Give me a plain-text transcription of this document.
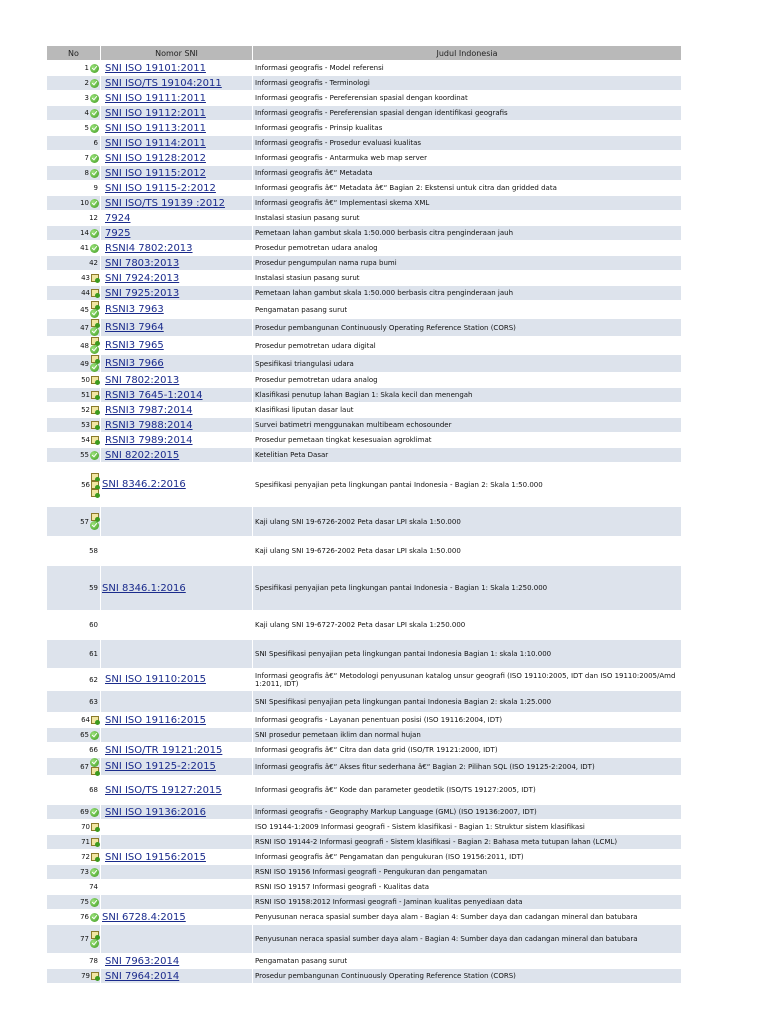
No	Nomor SNI	Judul Indonesia
1	SNI ISO 19101:2011	Informasi geografis - Model referensi
2	SNI ISO/TS 19104:2011	Informasi geografis - Terminologi
3	SNI ISO 19111:2011	Informasi geografis - Pereferensian spasial dengan koordinat
4	SNI ISO 19112:2011	Informasi geografis - Pereferensian spasial dengan identifikasi geografis
5	SNI ISO 19113:2011	Informasi geografis - Prinsip kualitas
6	SNI ISO 19114:2011	Informasi geografis - Prosedur evaluasi kualitas
7	SNI ISO 19128:2012	Informasi geografis - Antarmuka web map server
8	SNI ISO 19115:2012	Informasi geografis â€“ Metadata
9	SNI ISO 19115-2:2012	Informasi geografis â€“ Metadata â€“ Bagian 2: Ekstensi untuk citra dan gridded data
10	SNI ISO/TS 19139 :2012	Informasi geografis â€“ Implementasi skema XML
12	7924	Instalasi stasiun pasang surut
14	7925	Pemetaan lahan gambut skala 1:50.000 berbasis citra penginderaan jauh
41	RSNI4 7802:2013	Prosedur pemotretan udara analog
42	SNI 7803:2013	Prosedur pengumpulan nama rupa bumi
43	SNI 7924:2013	Instalasi stasiun pasang surut
44	SNI 7925:2013	Pemetaan lahan gambut skala 1:50.000 berbasis citra penginderaan jauh
45	RSNI3 7963	Pengamatan pasang surut
47	RSNI3 7964	Prosedur pembangunan Continuously Operating Reference Station (CORS)
48	RSNI3 7965	Prosedur pemotretan udara digital
49	RSNI3 7966	Spesifikasi triangulasi udara
50	SNI 7802:2013	Prosedur pemotretan udara analog
51	RSNI3 7645-1:2014	Klasifikasi penutup lahan Bagian 1: Skala kecil dan menengah
52	RSNI3 7987:2014	Klasifikasi liputan dasar laut
53	RSNI3 7988:2014	Survei batimetri menggunakan multibeam echosounder
54	RSNI3 7989:2014	Prosedur pemetaan tingkat kesesuaian agroklimat
55	SNI 8202:2015	Ketelitian Peta Dasar
56	SNI 8346.2:2016	Spesifikasi penyajian peta lingkungan pantai Indonesia - Bagian 2: Skala 1:50.000
57		Kaji ulang SNI 19-6726-2002 Peta dasar LPI skala 1:50.000
58		Kaji ulang SNI 19-6726-2002 Peta dasar LPI skala 1:50.000
59	SNI 8346.1:2016	Spesifikasi penyajian peta lingkungan pantai Indonesia - Bagian 1: Skala 1:250.000
60		Kaji ulang SNI 19-6727-2002 Peta dasar LPI skala 1:250.000
61		SNI Spesifikasi penyajian peta lingkungan pantai Indonesia Bagian 1: skala 1:10.000
62	SNI ISO 19110:2015	Informasi geografis â€“ Metodologi penyusunan katalog unsur geografi (ISO 19110:2005, IDT dan ISO 19110:2005/Amd 1:2011, IDT)
63		SNI Spesifikasi penyajian peta lingkungan pantai Indonesia Bagian 2: skala 1:25.000
64	SNI ISO 19116:2015	Informasi geografis - Layanan penentuan posisi (ISO 19116:2004, IDT)
65		SNI prosedur pemetaan iklim dan normal hujan
66	SNI ISO/TR 19121:2015	Informasi geografis â€“ Citra dan data grid (ISO/TR 19121:2000, IDT)
67	SNI ISO 19125-2:2015	Informasi geografis â€“ Akses fitur sederhana â€“ Bagian 2: Pilihan SQL (ISO 19125-2:2004, IDT)
68	SNI ISO/TS 19127:2015	Informasi geografis â€“ Kode dan parameter geodetik (ISO/TS 19127:2005, IDT)
69	SNI ISO 19136:2016	Informasi geografis - Geography Markup Language (GML) (ISO 19136:2007, IDT)
70		ISO 19144-1:2009 Informasi geografi - Sistem klasifikasi - Bagian 1: Struktur sistem klasifikasi
71		RSNI ISO 19144-2 Informasi geografi - Sistem klasifikasi - Bagian 2: Bahasa meta tutupan lahan (LCML)
72	SNI ISO 19156:2015	Informasi geografis â€“ Pengamatan dan pengukuran (ISO 19156:2011, IDT)
73		RSNI ISO 19156 Informasi geografi - Pengukuran dan pengamatan
74		RSNI ISO 19157 Informasi geografi - Kualitas data
75		RSNI ISO 19158:2012 Informasi geografi - Jaminan kualitas penyediaan data
76	SNI 6728.4:2015	Penyusunan neraca spasial sumber daya alam - Bagian 4: Sumber daya dan cadangan mineral dan batubara
77		Penyusunan neraca spasial sumber daya alam - Bagian 4: Sumber daya dan cadangan mineral dan batubara
78	SNI 7963:2014	Pengamatan pasang surut
79	SNI 7964:2014	Prosedur pembangunan Continuously Operating Reference Station (CORS)
